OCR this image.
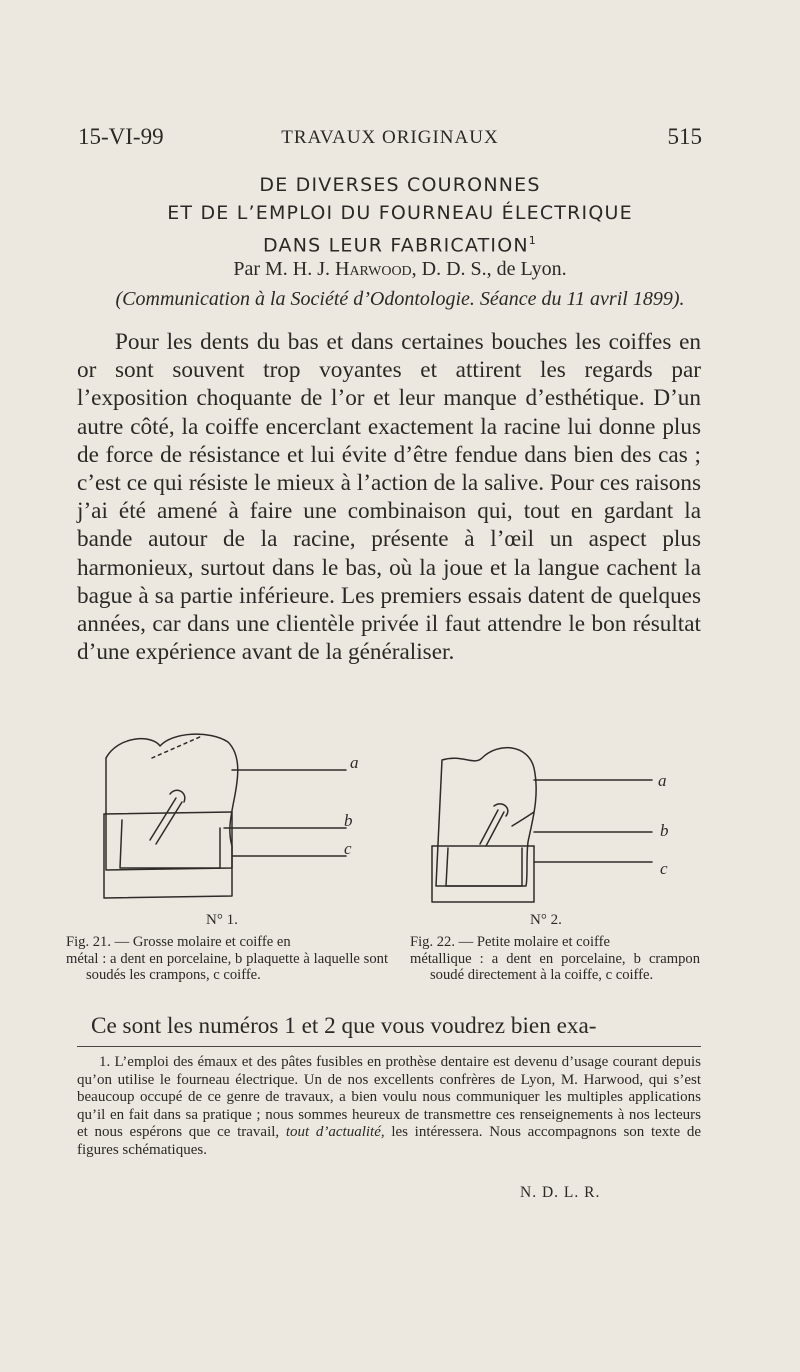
15-VI-99	TRAVAUX ORIGINAUX	515
DE DIVERSES COURONNES
ET DE L’EMPLOI DU FOURNEAU ÉLECTRIQUE
DANS LEUR FABRICATION$^1$
Par M. H. J. Harwood, D. D. S., de Lyon.
(Communication à la Société d’Odontologie. Séance du 11 avril 1899).
Pour les dents du bas et dans certaines bouches les coiffes en or sont souvent trop voyantes et attirent les regards par l’exposition choquante de l’or et leur manque d’esthétique. D’un autre côté, la coiffe encerclant exactement la racine lui donne plus de force de résistance et lui évite d’être fendue dans bien des cas ; c’est ce qui résiste le mieux à l’action de la salive. Pour ces raisons j’ai été amené à faire une combinaison qui, tout en gardant la bande autour de la racine, présente à l’œil un aspect plus harmonieux, surtout dans le bas, où la joue et la langue cachent la bague à sa partie inférieure. Les premiers essais datent de quelques années, car dans une clientèle privée il faut attendre le bon résultat d’une expérience avant de la généraliser.
a
b
c
a
b
c
N° 1.	N° 2.
Fig. 21. — Grosse molaire et coiffe en
métal : a dent en porcelaine, b plaquette à laquelle sont soudés les crampons, c coiffe.
Fig. 22. — Petite molaire et coiffe
métallique : a dent en porcelaine, b crampon soudé directement à la coiffe, c coiffe.
Ce sont les numéros 1 et 2 que vous voudrez bien exa-
1. L’emploi des émaux et des pâtes fusibles en prothèse dentaire est devenu d’usage courant depuis qu’on utilise le fourneau électrique. Un de nos excellents confrères de Lyon, M. Harwood, qui s’est beaucoup occupé de ce genre de travaux, a bien voulu nous communiquer les multiples applications qu’il en fait dans sa pratique ; nous sommes heureux de transmettre ces renseignements à nos lecteurs et nous espérons que ce travail, tout d’actualité, les intéressera. Nous accompagnons son texte de figures schématiques.
N. D. L. R.
